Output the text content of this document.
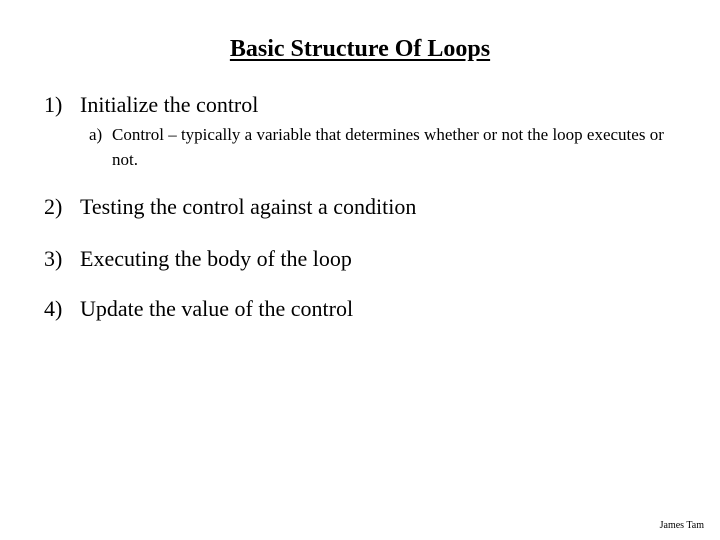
Basic Structure Of Loops
1) Initialize the control
a) Control – typically a variable that determines whether or not the loop executes or not.
2) Testing the control against a condition
3) Executing the body of the loop
4) Update the value of the control
James Tam
